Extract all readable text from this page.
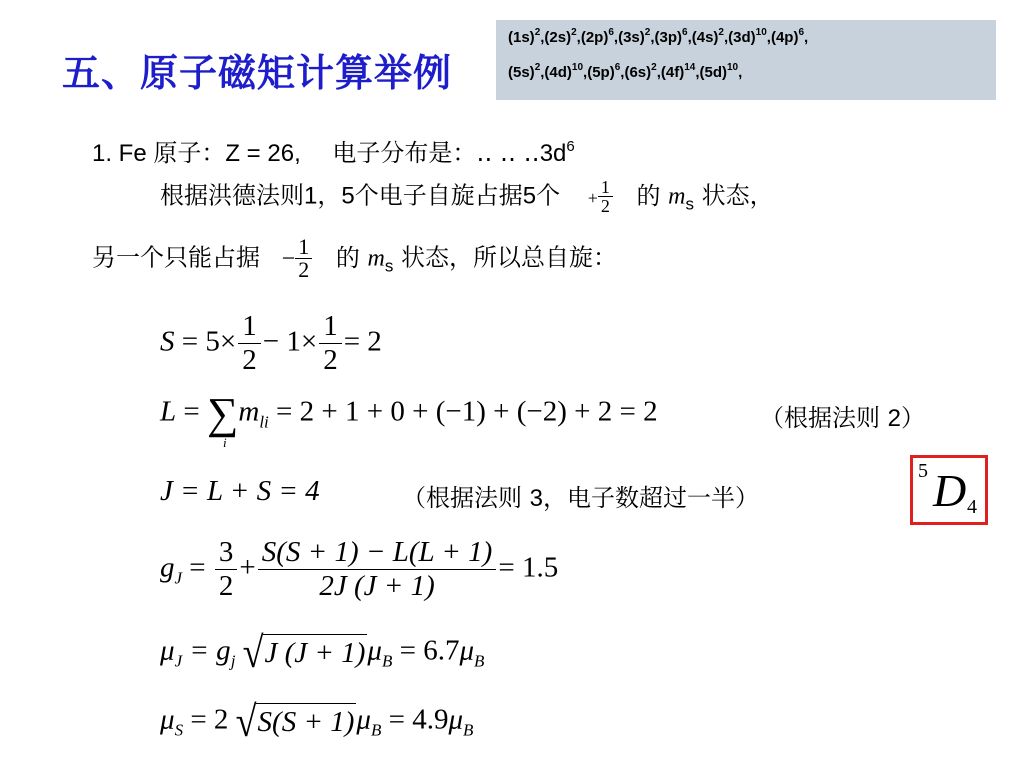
五、原子磁矩计算举例
$(1s)^2,(2s)^2,(2p)^6,(3s)^2,(3p)^6,(4s)^2,(3d)^{10},(4p)^6$,
$(5s)^2,(4d)^{10},(5p)^6,(6s)^2,(4f)^{14},(5d)^{10}$,
1. Fe 原子：Z = 26, 电子分布是：‥ ‥ $‥3d^6$
根据洪德法则1，5个电子自旋占据5个 + $\frac{1}{2}$ 的 $m_s$ 状态，
另一个只能占据 − $\frac{1}{2}$ 的 $m_s$ 状态，所以总自旋：
$S = 5\times \frac{1}{2} - 1\times \frac{1}{2} = 2$
L = ∑
i
$m_{li} = 2 + 1 + 0 + (-1) + (-2) + 2 = 2$	（根据法则 2）
J = L + S = 4	（根据法则 3，电子数超过一半）
5 D 4
$g_J = \frac{3}{2} + \frac{S(S + 1) - L(L + 1)}{2J (J + 1)} = 1.5$
$\mu_J = g_j$ √ J (J + 1) $\mu_B = 6.7\mu_B$
$\mu_S = 2$ √ S(S + 1) $\mu_B = 4.9\mu_B$
